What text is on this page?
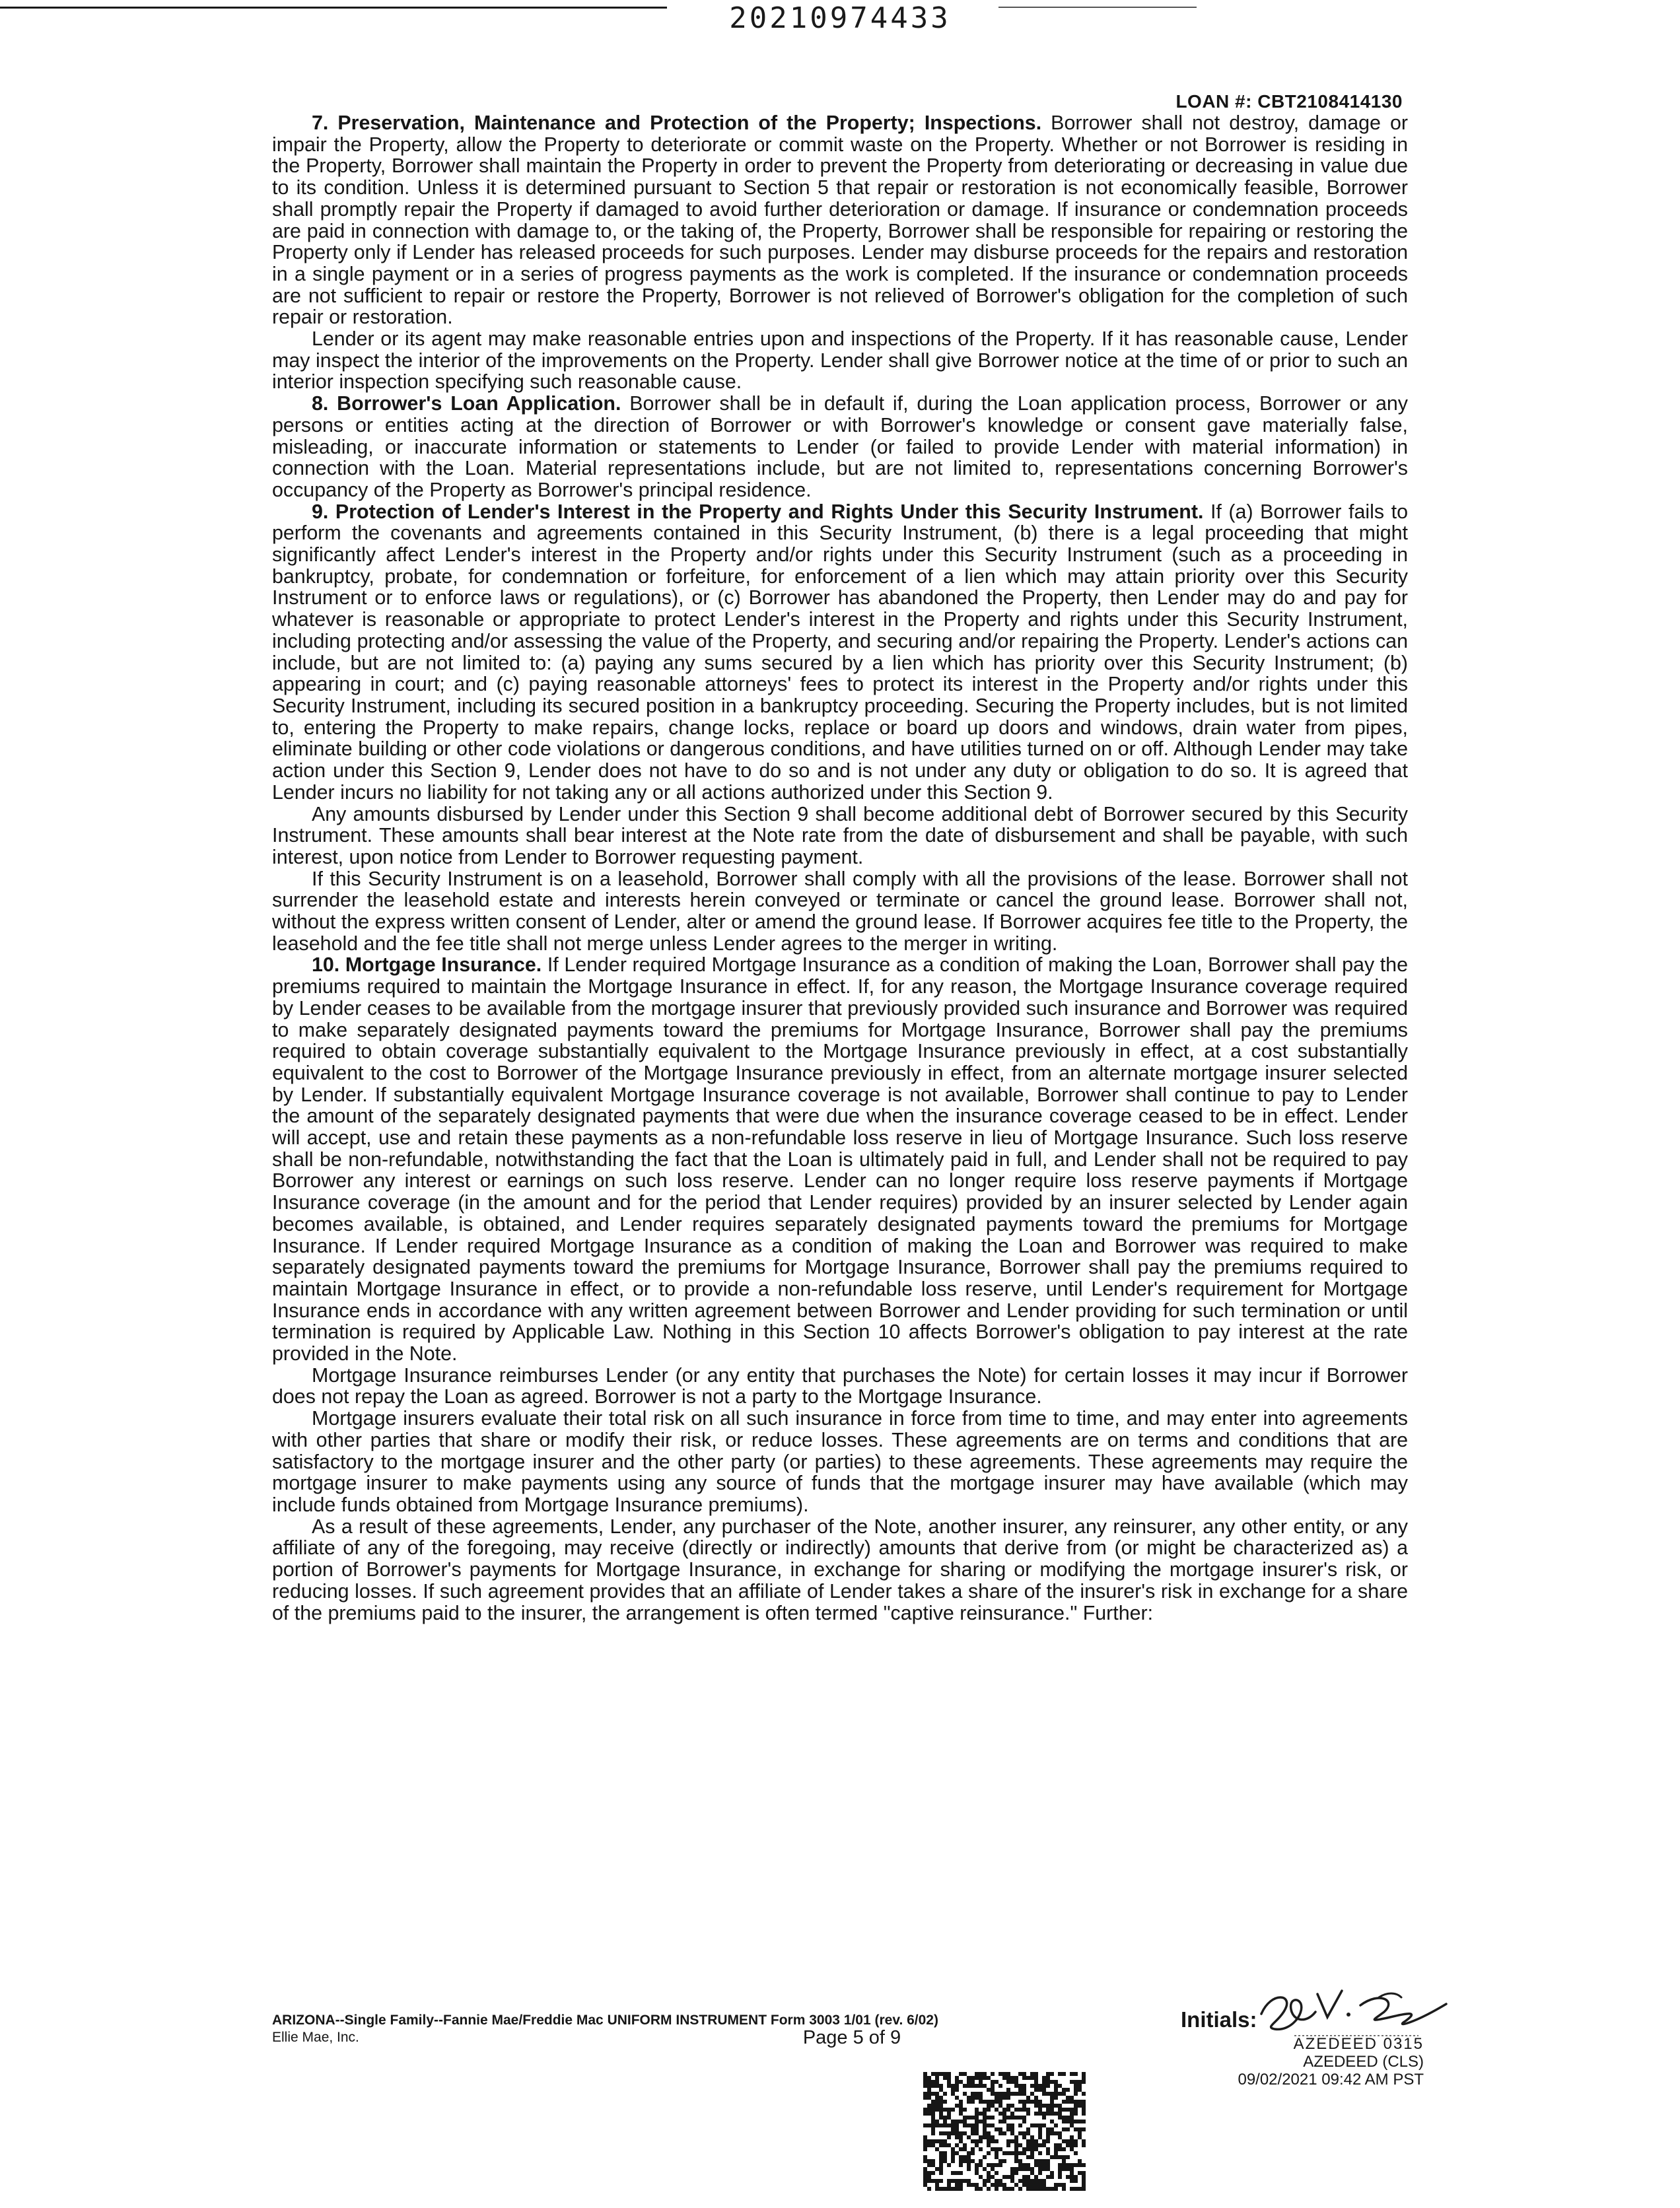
20210974433
LOAN #: CBT2108414130

7. Preservation, Maintenance and Protection of the Property; Inspections. Borrower shall not destroy, damage or impair the Property, allow the Property to deteriorate or commit waste on the Property. Whether or not Borrower is residing in the Property, Borrower shall maintain the Property in order to prevent the Property from deteriorating or decreasing in value due to its condition. Unless it is determined pursuant to Section 5 that repair or restoration is not economically feasible, Borrower shall promptly repair the Property if damaged to avoid further deterioration or damage. If insurance or condemnation proceeds are paid in connection with damage to, or the taking of, the Property, Borrower shall be responsible for repairing or restoring the Property only if Lender has released proceeds for such purposes. Lender may disburse proceeds for the repairs and restoration in a single payment or in a series of progress payments as the work is completed. If the insurance or condemnation proceeds are not sufficient to repair or restore the Property, Borrower is not relieved of Borrower's obligation for the completion of such repair or restoration.

Lender or its agent may make reasonable entries upon and inspections of the Property. If it has reasonable cause, Lender may inspect the interior of the improvements on the Property. Lender shall give Borrower notice at the time of or prior to such an interior inspection specifying such reasonable cause.

8. Borrower's Loan Application. Borrower shall be in default if, during the Loan application process, Borrower or any persons or entities acting at the direction of Borrower or with Borrower's knowledge or consent gave materially false, misleading, or inaccurate information or statements to Lender (or failed to provide Lender with material information) in connection with the Loan. Material representations include, but are not limited to, representations concerning Borrower's occupancy of the Property as Borrower's principal residence.

9. Protection of Lender's Interest in the Property and Rights Under this Security Instrument. If (a) Borrower fails to perform the covenants and agreements contained in this Security Instrument, (b) there is a legal proceeding that might significantly affect Lender's interest in the Property and/or rights under this Security Instrument (such as a proceeding in bankruptcy, probate, for condemnation or forfeiture, for enforcement of a lien which may attain priority over this Security Instrument or to enforce laws or regulations), or (c) Borrower has abandoned the Property, then Lender may do and pay for whatever is reasonable or appropriate to protect Lender's interest in the Property and rights under this Security Instrument, including protecting and/or assessing the value of the Property, and securing and/or repairing the Property. Lender's actions can include, but are not limited to: (a) paying any sums secured by a lien which has priority over this Security Instrument; (b) appearing in court; and (c) paying reasonable attorneys' fees to protect its interest in the Property and/or rights under this Security Instrument, including its secured position in a bankruptcy proceeding. Securing the Property includes, but is not limited to, entering the Property to make repairs, change locks, replace or board up doors and windows, drain water from pipes, eliminate building or other code violations or dangerous conditions, and have utilities turned on or off. Although Lender may take action under this Section 9, Lender does not have to do so and is not under any duty or obligation to do so. It is agreed that Lender incurs no liability for not taking any or all actions authorized under this Section 9.

Any amounts disbursed by Lender under this Section 9 shall become additional debt of Borrower secured by this Security Instrument. These amounts shall bear interest at the Note rate from the date of disbursement and shall be payable, with such interest, upon notice from Lender to Borrower requesting payment.

If this Security Instrument is on a leasehold, Borrower shall comply with all the provisions of the lease. Borrower shall not surrender the leasehold estate and interests herein conveyed or terminate or cancel the ground lease. Borrower shall not, without the express written consent of Lender, alter or amend the ground lease. If Borrower acquires fee title to the Property, the leasehold and the fee title shall not merge unless Lender agrees to the merger in writing.

10. Mortgage Insurance. If Lender required Mortgage Insurance as a condition of making the Loan, Borrower shall pay the premiums required to maintain the Mortgage Insurance in effect. If, for any reason, the Mortgage Insurance coverage required by Lender ceases to be available from the mortgage insurer that previously provided such insurance and Borrower was required to make separately designated payments toward the premiums for Mortgage Insurance, Borrower shall pay the premiums required to obtain coverage substantially equivalent to the Mortgage Insurance previously in effect, at a cost substantially equivalent to the cost to Borrower of the Mortgage Insurance previously in effect, from an alternate mortgage insurer selected by Lender. If substantially equivalent Mortgage Insurance coverage is not available, Borrower shall continue to pay to Lender the amount of the separately designated payments that were due when the insurance coverage ceased to be in effect. Lender will accept, use and retain these payments as a non-refundable loss reserve in lieu of Mortgage Insurance. Such loss reserve shall be non-refundable, notwithstanding the fact that the Loan is ultimately paid in full, and Lender shall not be required to pay Borrower any interest or earnings on such loss reserve. Lender can no longer require loss reserve payments if Mortgage Insurance coverage (in the amount and for the period that Lender requires) provided by an insurer selected by Lender again becomes available, is obtained, and Lender requires separately designated payments toward the premiums for Mortgage Insurance. If Lender required Mortgage Insurance as a condition of making the Loan and Borrower was required to make separately designated payments toward the premiums for Mortgage Insurance, Borrower shall pay the premiums required to maintain Mortgage Insurance in effect, or to provide a non-refundable loss reserve, until Lender's requirement for Mortgage Insurance ends in accordance with any written agreement between Borrower and Lender providing for such termination or until termination is required by Applicable Law. Nothing in this Section 10 affects Borrower's obligation to pay interest at the rate provided in the Note.

Mortgage Insurance reimburses Lender (or any entity that purchases the Note) for certain losses it may incur if Borrower does not repay the Loan as agreed. Borrower is not a party to the Mortgage Insurance.

Mortgage insurers evaluate their total risk on all such insurance in force from time to time, and may enter into agreements with other parties that share or modify their risk, or reduce losses. These agreements are on terms and conditions that are satisfactory to the mortgage insurer and the other party (or parties) to these agreements. These agreements may require the mortgage insurer to make payments using any source of funds that the mortgage insurer may have available (which may include funds obtained from Mortgage Insurance premiums).

As a result of these agreements, Lender, any purchaser of the Note, another insurer, any reinsurer, any other entity, or any affiliate of any of the foregoing, may receive (directly or indirectly) amounts that derive from (or might be characterized as) a portion of Borrower's payments for Mortgage Insurance, in exchange for sharing or modifying the mortgage insurer's risk, or reducing losses. If such agreement provides that an affiliate of Lender takes a share of the insurer's risk in exchange for a share of the premiums paid to the insurer, the arrangement is often termed "captive reinsurance." Further:

ARIZONA--Single Family--Fannie Mae/Freddie Mac UNIFORM INSTRUMENT Form 3003 1/01 (rev. 6/02)
Ellie Mae, Inc.	Page 5 of 9
Initials:
AZEDEED 0315
AZEDEED (CLS)
09/02/2021 09:42 AM PST
